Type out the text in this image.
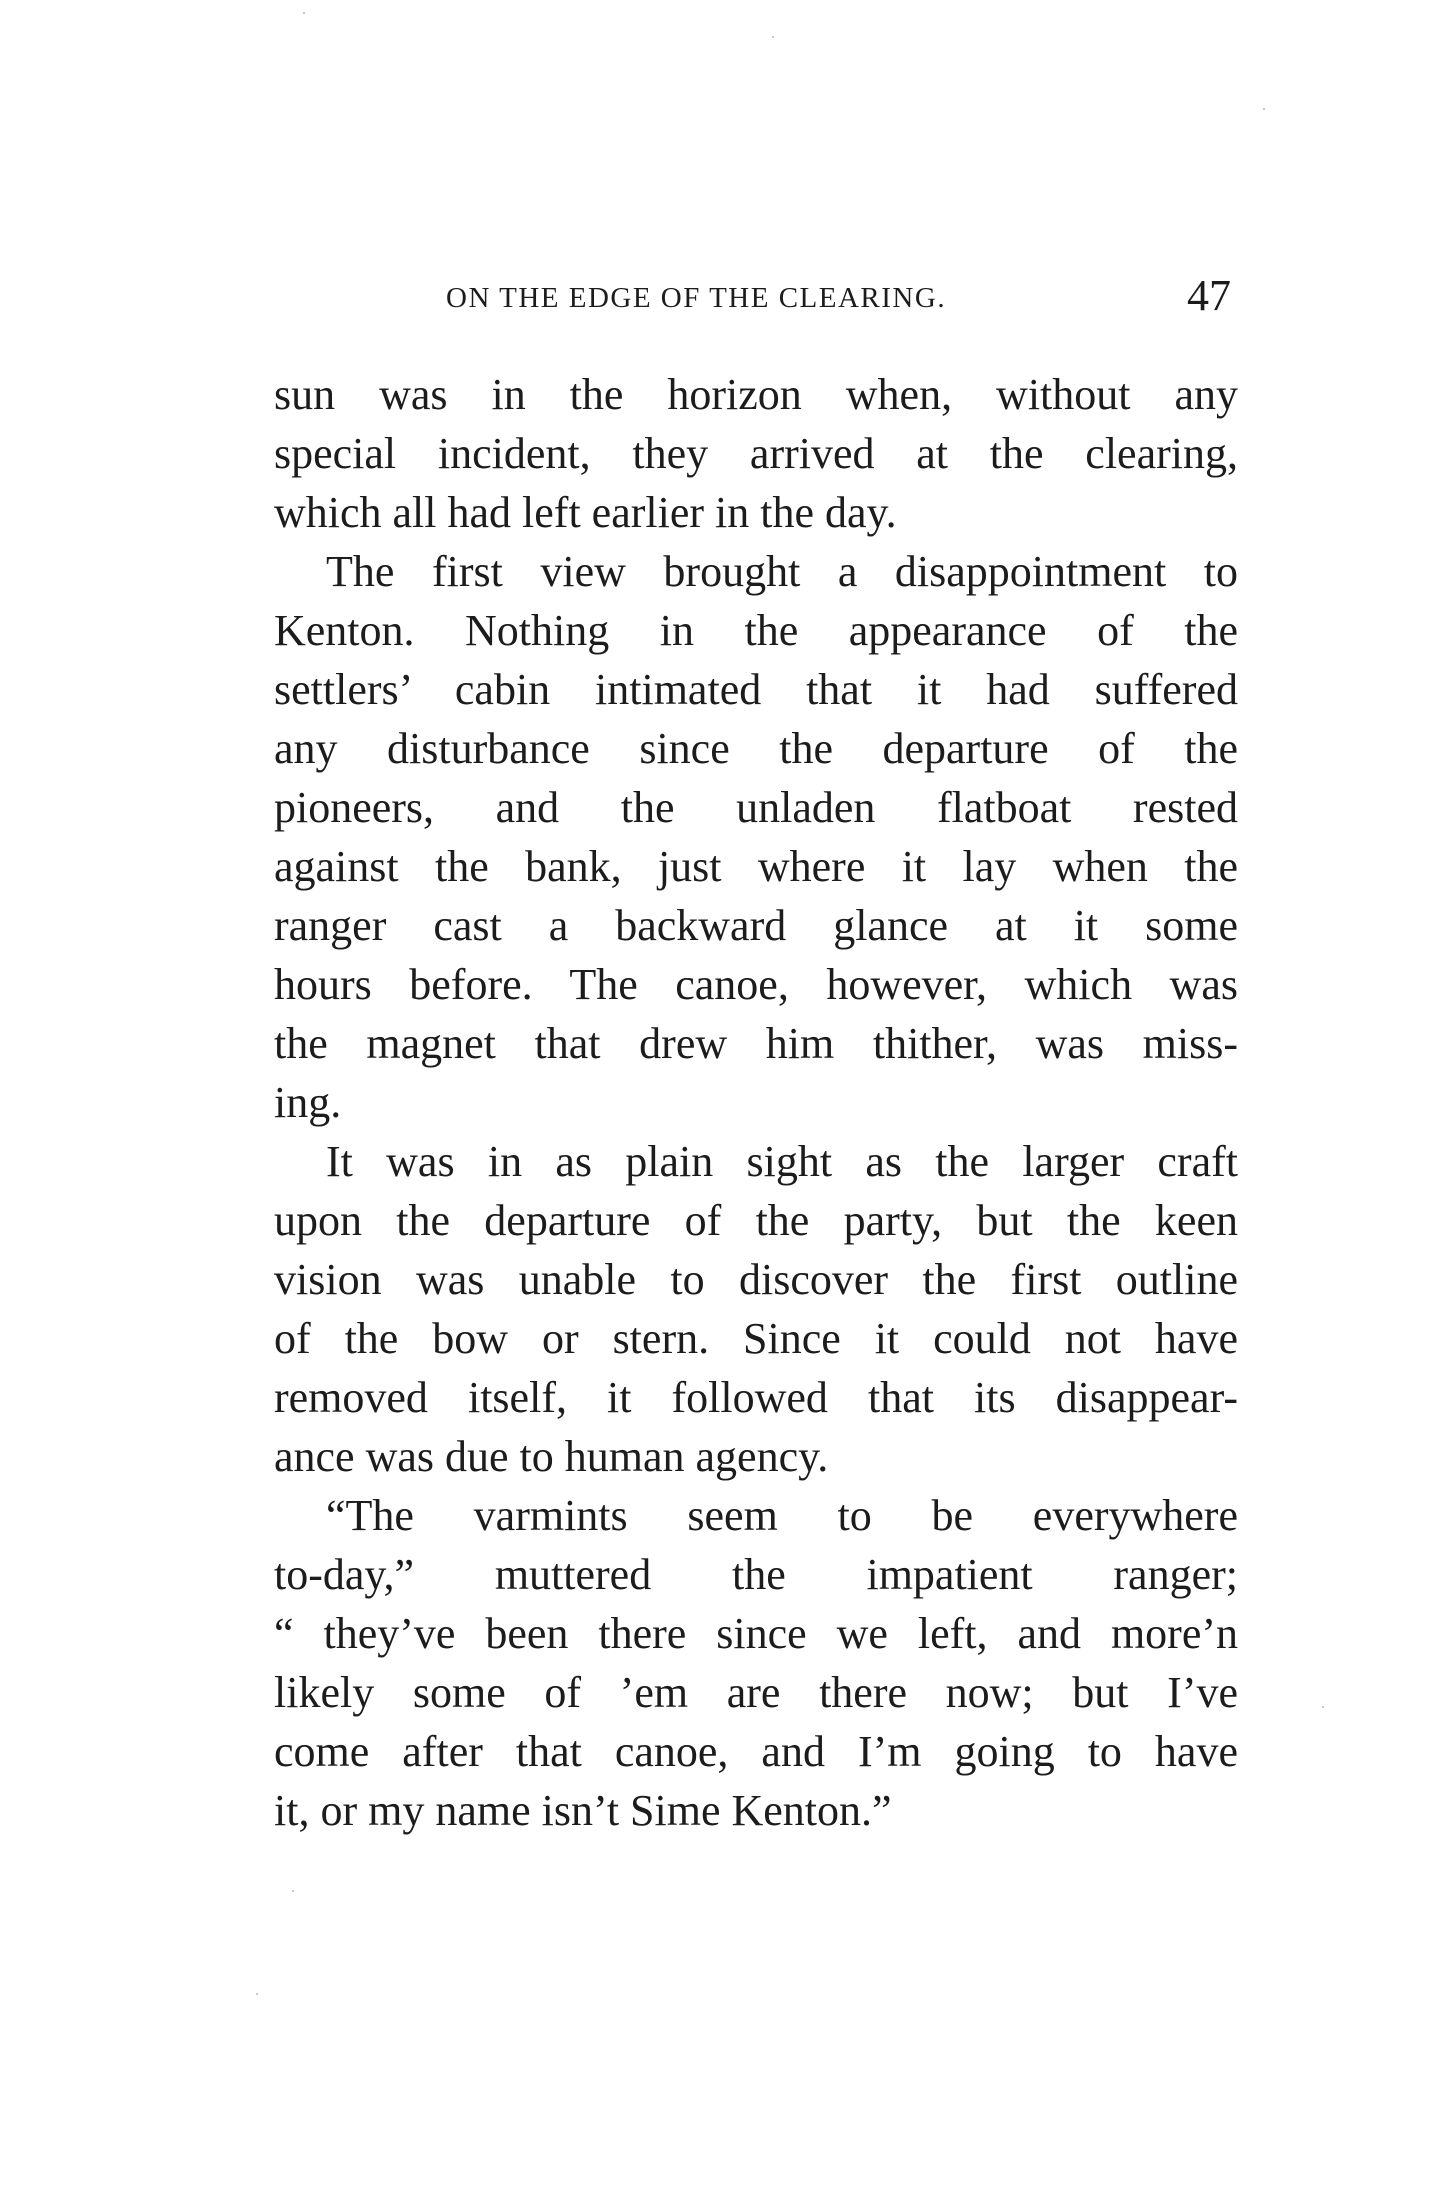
ON THE EDGE OF THE CLEARING.	47
sun was in the horizon when, without any
special incident, they arrived at the clearing,
which all had left earlier in the day.
The first view brought a disappointment to
Kenton. Nothing in the appearance of the
settlers’ cabin intimated that it had suffered
any disturbance since the departure of the
pioneers, and the unladen flatboat rested
against the bank, just where it lay when the
ranger cast a backward glance at it some
hours before. The canoe, however, which was
the magnet that drew him thither, was miss-
ing.
It was in as plain sight as the larger craft
upon the departure of the party, but the keen
vision was unable to discover the first outline
of the bow or stern. Since it could not have
removed itself, it followed that its disappear-
ance was due to human agency.
“The varmints seem to be everywhere
to-day,” muttered the impatient ranger;
“ they’ve been there since we left, and more’n
likely some of ’em are there now; but I’ve
come after that canoe, and I’m going to have
it, or my name isn’t Sime Kenton.”
